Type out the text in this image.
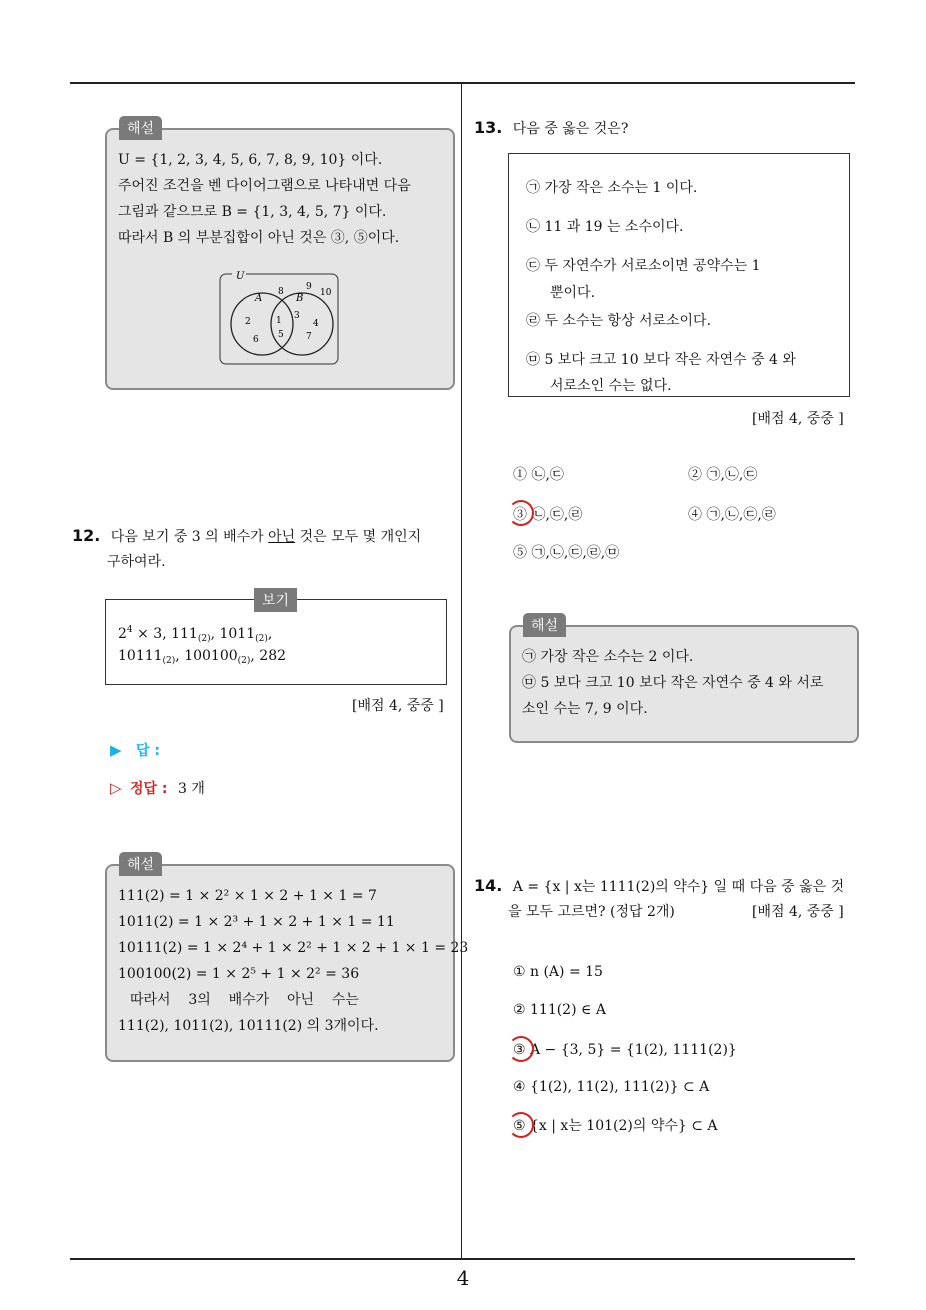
해설
U = {1, 2, 3, 4, 5, 6, 7, 8, 9, 10} 이다.
주어진 조건을 벤 다이어그램으로 나타내면 다음
그림과 같으므로 B = {1, 3, 4, 5, 7} 이다.
따라서 B 의 부분집합이 아닌 것은 ③, ⑤이다.
U
A	B
8 9
10
2
6
1
5
3
4
7
12. 다음 보기 중 3 의 배수가 아닌 것은 모두 몇 개인지
구하여라.
보기
$2^4 \times 3$, $111_{(2)}$, $1011_{(2)}$,
$10111_{(2)}$, $100100_{(2)}$, 282
[배점 4, 중중 ]
▶ 답 :
▷ 정답 : 3 개
해설
111(2) = 1 × 2² × 1 × 2 + 1 × 1 = 7
1011(2) = 1 × 2³ + 1 × 2 + 1 × 1 = 11
10111(2) = 1 × 2⁴ + 1 × 2² + 1 × 2 + 1 × 1 = 23
100100(2) = 1 × 2⁵ + 1 × 2² = 36
따라서    3의    배수가    아닌    수는
111(2), 1011(2), 10111(2) 의 3개이다.
13. 다음 중 옳은 것은?
㉠ 가장 작은 소수는 1 이다.
㉡ 11 과 19 는 소수이다.
㉢ 두 자연수가 서로소이면 공약수는 1
뿐이다.
㉣ 두 소수는 항상 서로소이다.
㉤ 5 보다 크고 10 보다 작은 자연수 중 4 와
서로소인 수는 없다.
[배점 4, 중중 ]
① ㉡,㉢	② ㉠,㉡,㉢
③ ㉡,㉢,㉣	④ ㉠,㉡,㉢,㉣
⑤ ㉠,㉡,㉢,㉣,㉤
해설
㉠ 가장 작은 소수는 2 이다.
㉤ 5 보다 크고 10 보다 작은 자연수 중 4 와 서로
소인 수는 7, 9 이다.
14. A = {x | x는 1111(2)의 약수} 일 때 다음 중 옳은 것
을 모두 고르면? (정답 2개)	[배점 4, 중중 ]
① n (A) = 15
② 111(2) ∈ A
③ A − {3, 5} = {1(2), 1111(2)}
④ {1(2), 11(2), 111(2)} ⊂ A
⑤ {x | x는 101(2)의 약수} ⊂ A
4
